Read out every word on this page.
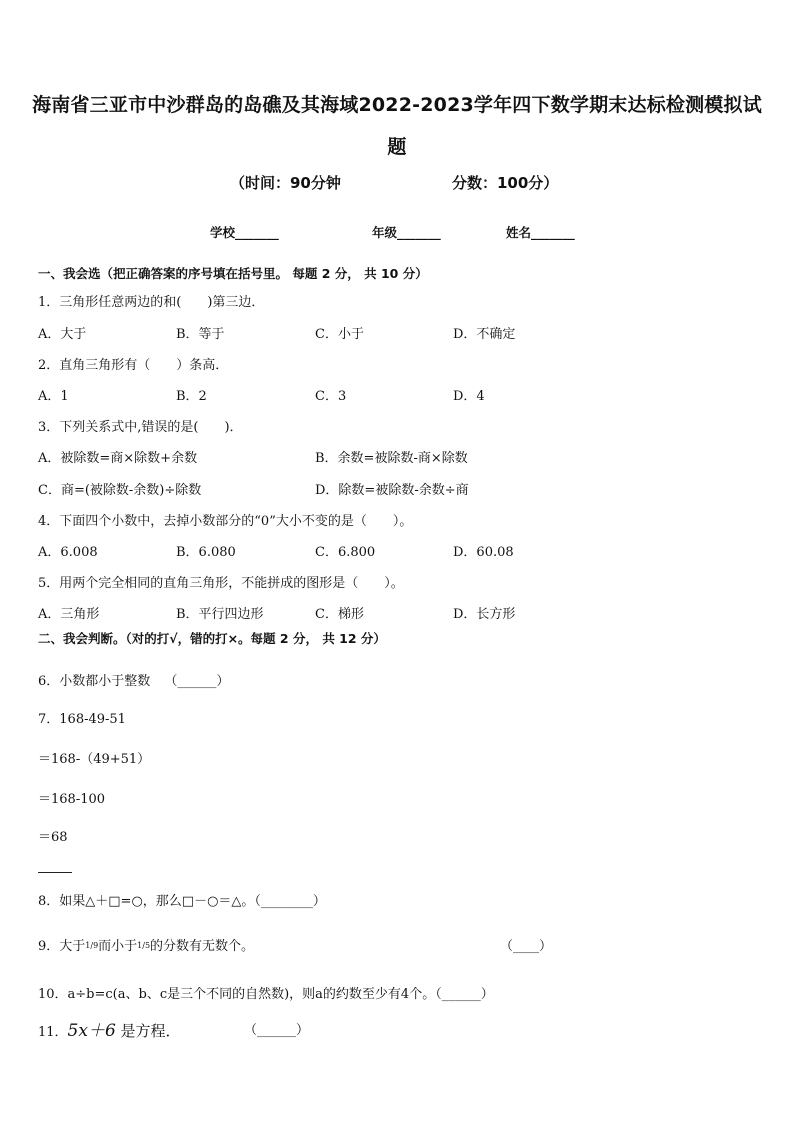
海南省三亚市中沙群岛的岛礁及其海域2022-2023学年四下数学期末达标检测模拟试
题
（时间：90分钟	分数：100分）
学校_______	年级_______	姓名_______
一、我会选（把正确答案的序号填在括号里。 每题 2 分， 共 10 分）
1．三角形任意两边的和(　　)第三边．
A．大于	B．等于	C．小于	D．不确定
2．直角三角形有（　　）条高．
A．1	B．2	C．3	D．4
3．下列关系式中,错误的是(　　)．
A．被除数=商×除数+余数	B．余数=被除数-商×除数
C．商=(被除数-余数)÷除数	D．除数=被除数-余数÷商
4．下面四个小数中，去掉小数部分的“0”大小不变的是（　　）。
A．6.008	B．6.080	C．6.800	D．60.08
5．用两个完全相同的直角三角形，不能拼成的图形是（　　）。
A．三角形	B．平行四边形	C．梯形	D．长方形
二、我会判断。（对的打√，错的打×。每题 2 分， 共 12 分）
6．小数都小于整数 （______）
7．168-49-51
＝168-（49+51）
＝168-100
＝68
8．如果△＋□=○，那么□－○＝△。（________）
9．大于1/9而小于1/5的分数有无数个。	（____）
10．a÷b=c(a、b、c是三个不同的自然数)，则a的约数至少有4个。（______）
11．5x＋6 是方程．	（______）
